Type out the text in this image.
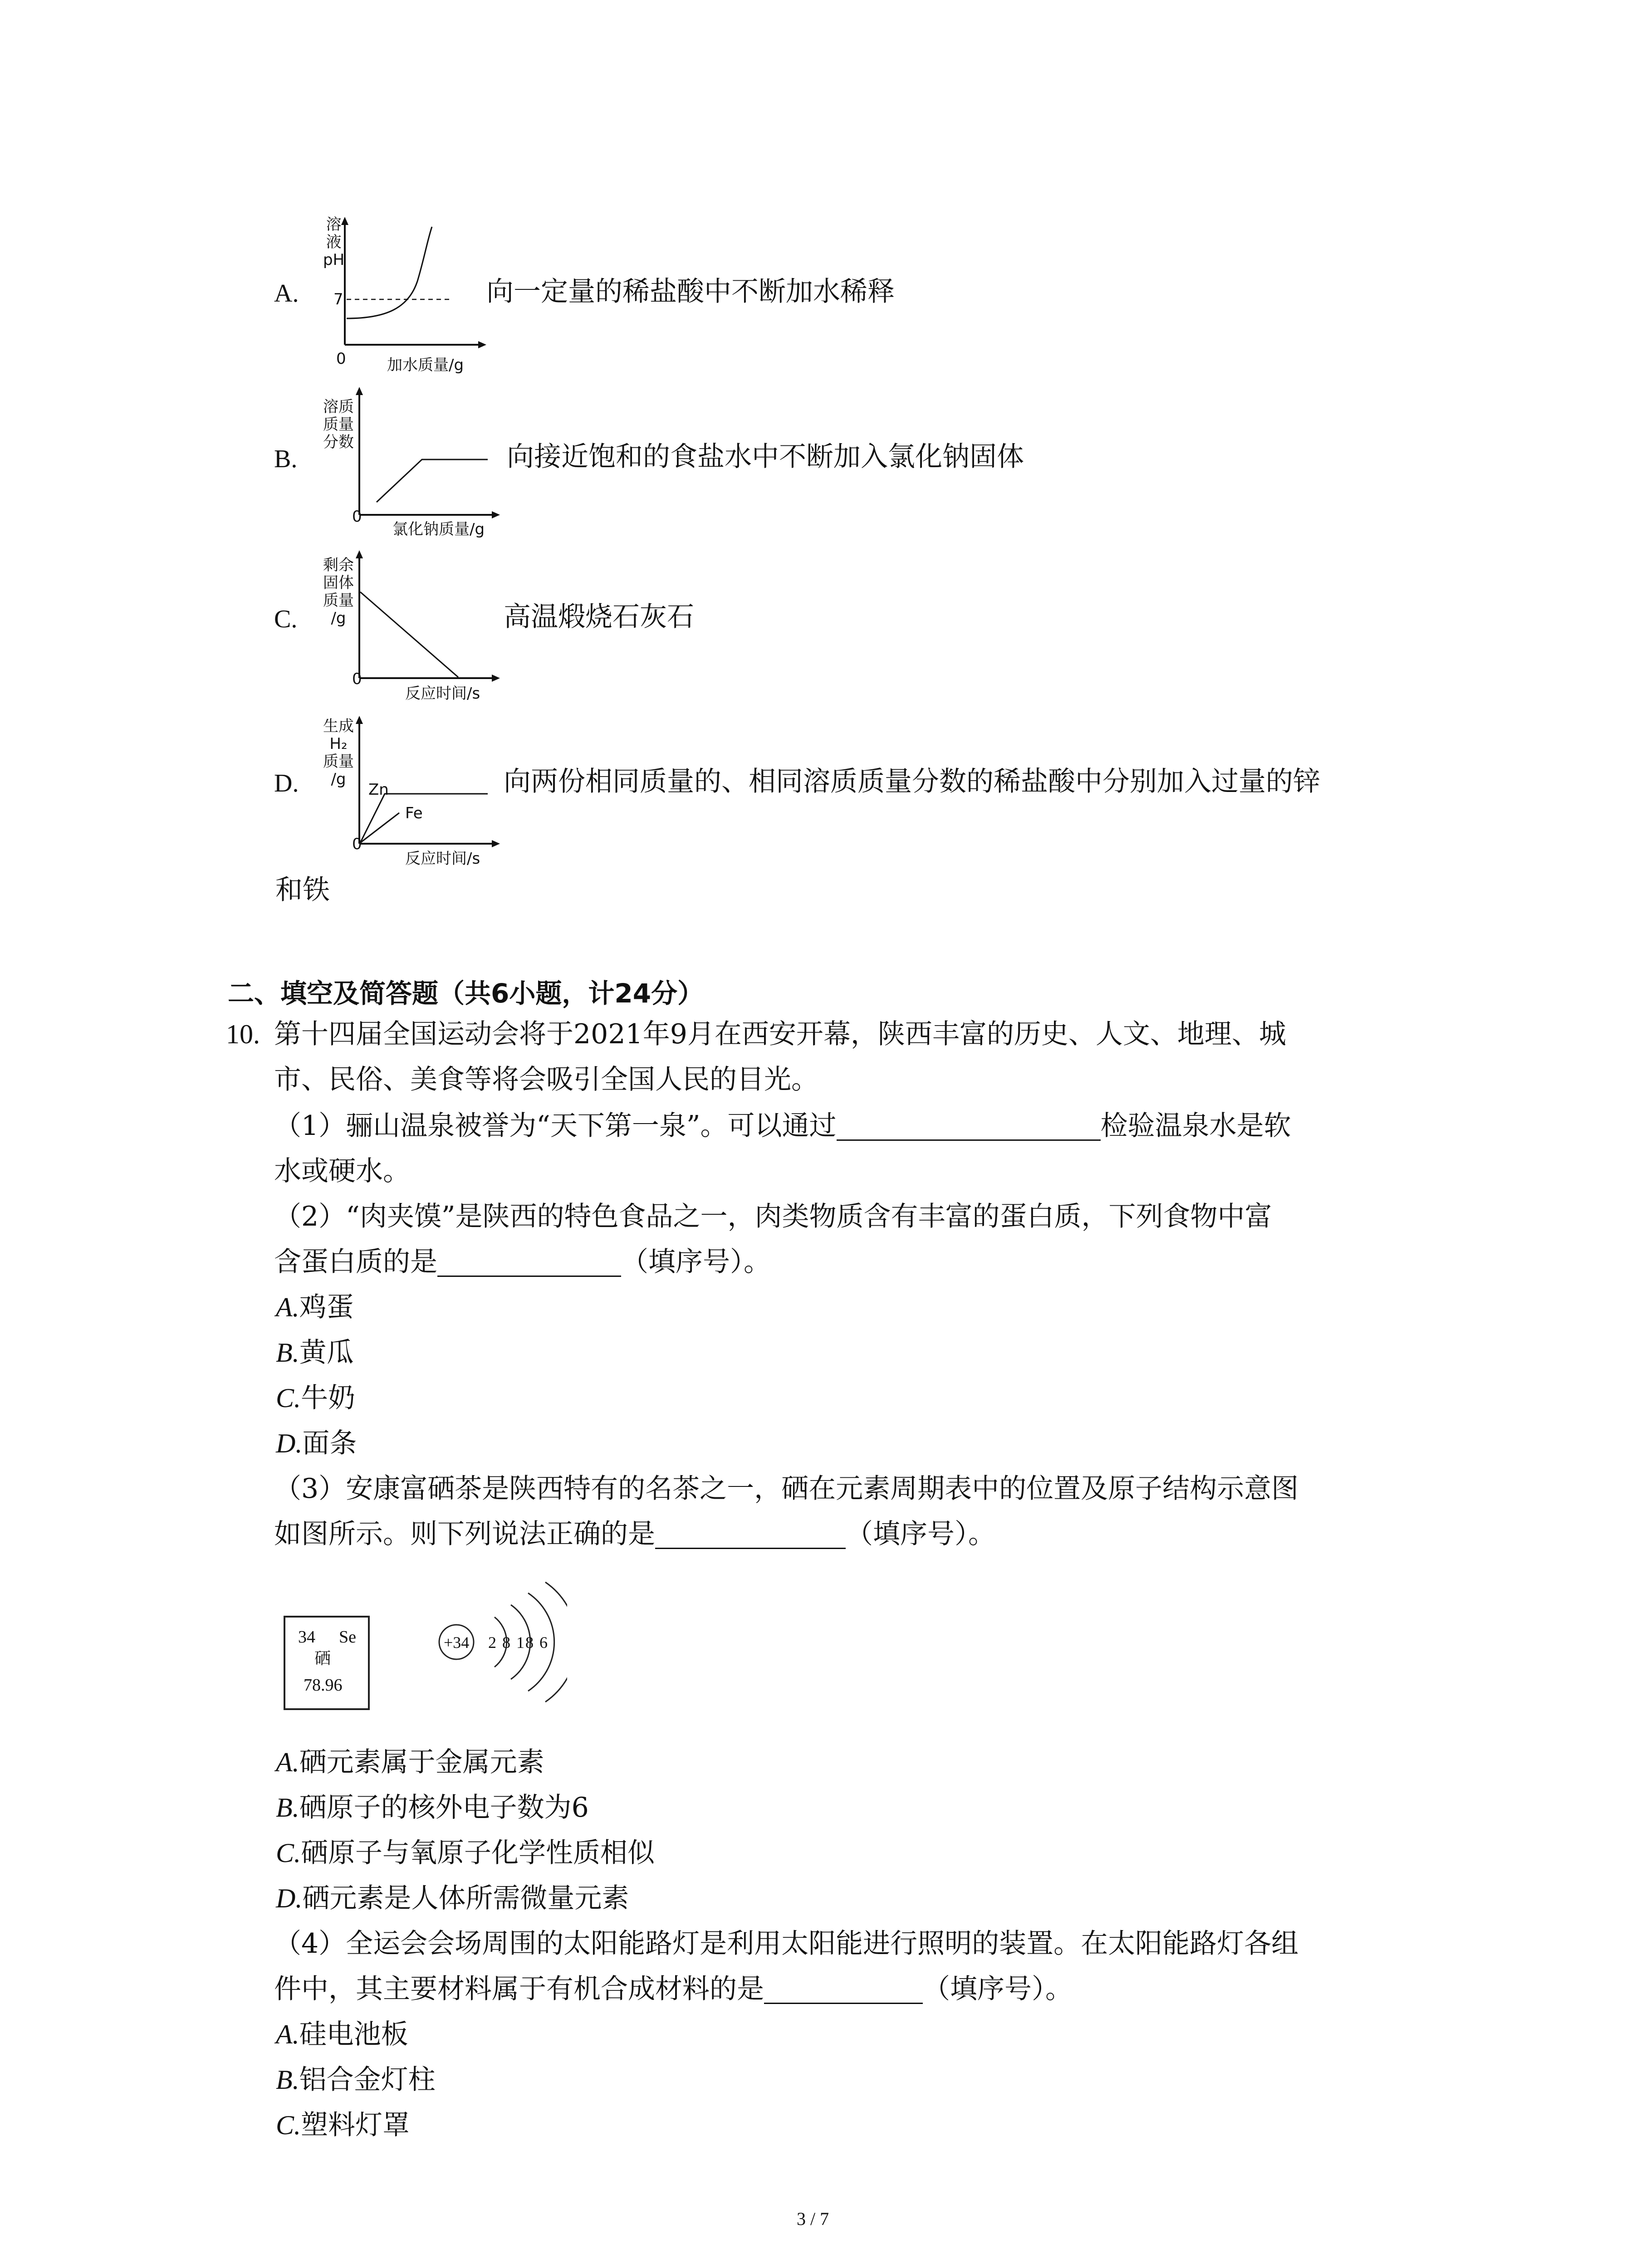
A.
溶
液
pH
7
0	加水质量/g
向一定量的稀盐酸中不断加水稀释
B.
溶质
质量
分数
0
氯化钠质量/g
向接近饱和的食盐水中不断加入氯化钠固体
C.
剩余
固体
质量
/g
0
反应时间/s
高温煅烧石灰石
D.
生成
H₂
质量
/g
Zn
Fe
0
反应时间/s
向两份相同质量的、相同溶质质量分数的稀盐酸中分别加入过量的锌
和铁
二、填空及简答题（共6小题，计24分）
10. 第十四届全国运动会将于2021年9月在西安开幕，陕西丰富的历史、人文、地理、城
市、民俗、美食等将会吸引全国人民的目光。
（1）骊山温泉被誉为“天下第一泉”。可以通过	检验温泉水是软
水或硬水。
（2）“肉夹馍”是陕西的特色食品之一，肉类物质含有丰富的蛋白质，下列食物中富
含蛋白质的是	（填序号）。
A.鸡蛋
B.黄瓜
C.牛奶
D.面条
（3）安康富硒茶是陕西特有的名茶之一，硒在元素周期表中的位置及原子结构示意图
如图所示。则下列说法正确的是	（填序号）。
34 Se
硒
78.96
+34 2 8 18 6
A.硒元素属于金属元素
B.硒原子的核外电子数为6
C.硒原子与氧原子化学性质相似
D.硒元素是人体所需微量元素
（4）全运会会场周围的太阳能路灯是利用太阳能进行照明的装置。在太阳能路灯各组
件中，其主要材料属于有机合成材料的是	（填序号）。
A.硅电池板
B.铝合金灯柱
C.塑料灯罩
3 / 7
